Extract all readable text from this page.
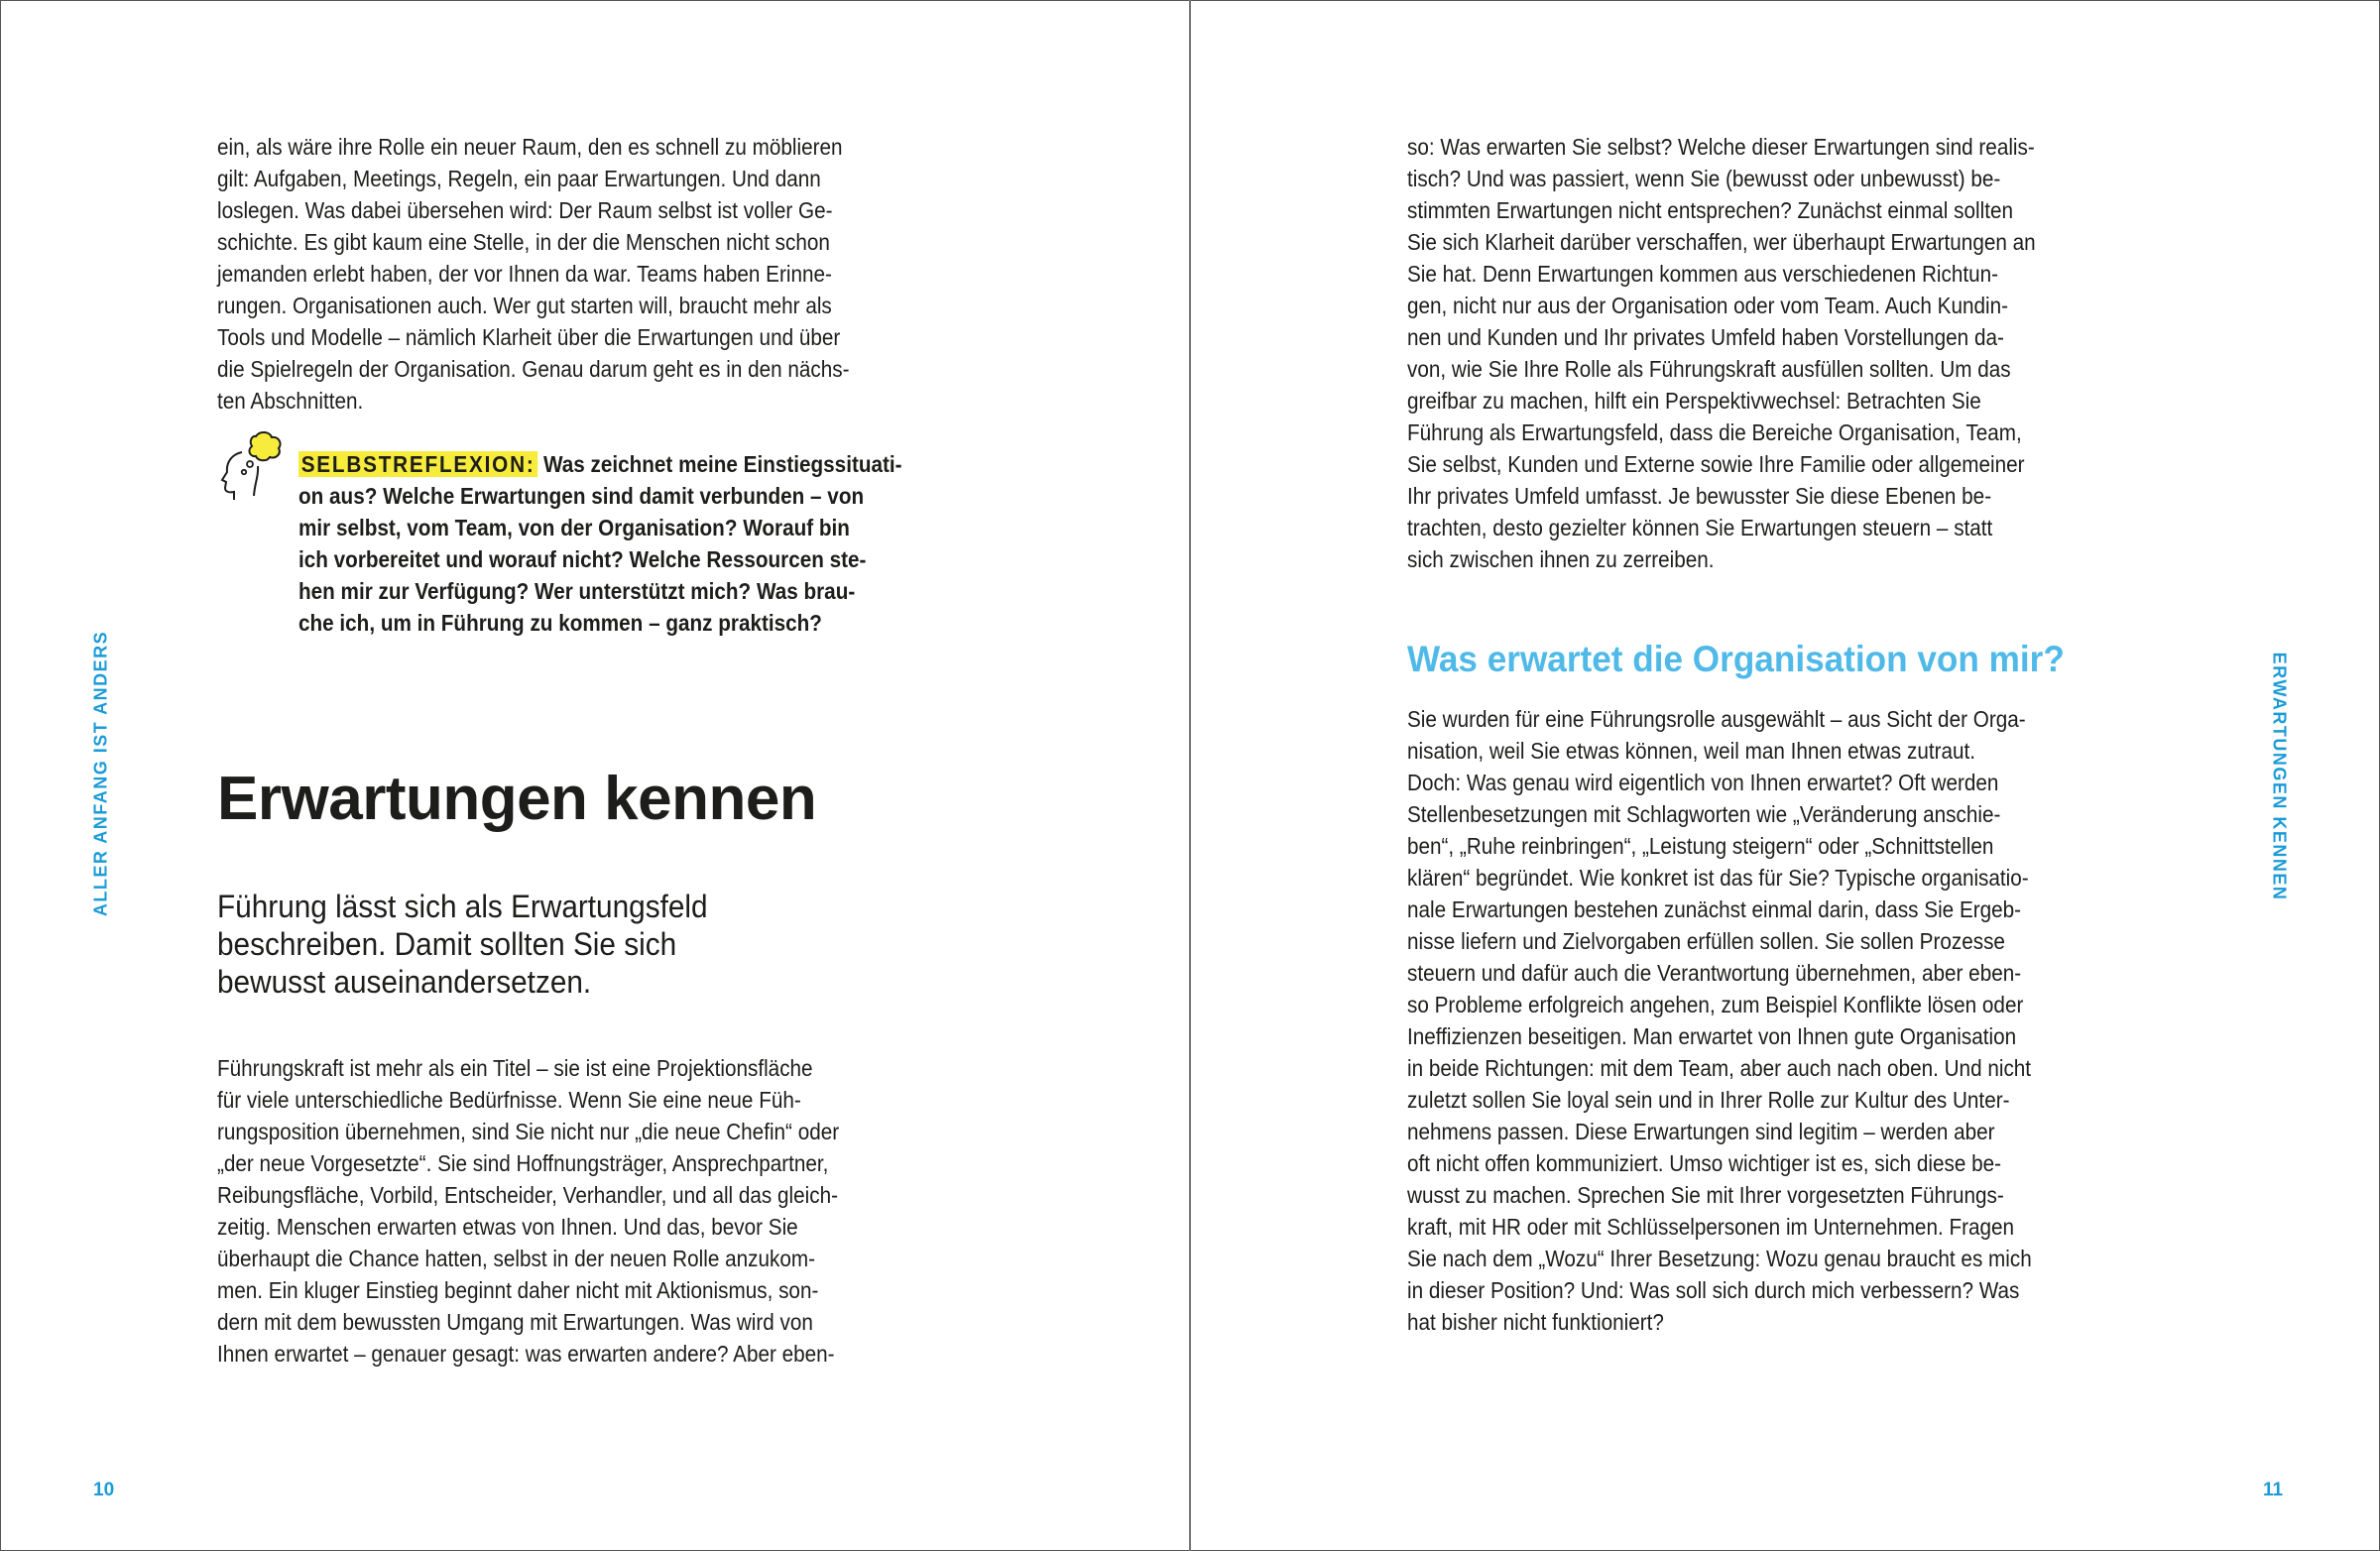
ein, als wäre ihre Rolle ein neuer Raum, den es schnell zu möblieren
gilt: Aufgaben, Meetings, Regeln, ein paar Erwartungen. Und dann
loslegen. Was dabei übersehen wird: Der Raum selbst ist voller Ge-
schichte. Es gibt kaum eine Stelle, in der die Menschen nicht schon
jemanden erlebt haben, der vor Ihnen da war. Teams haben Erinne-
rungen. Organisationen auch. Wer gut starten will, braucht mehr als
Tools und Modelle – nämlich Klarheit über die Erwartungen und über
die Spielregeln der Organisation. Genau darum geht es in den nächs-
ten Abschnitten.
SELBSTREFLEXION: Was zeichnet meine Einstiegssituati-
on aus? Welche Erwartungen sind damit verbunden – von
mir selbst, vom Team, von der Organisation? Worauf bin
ich vorbereitet und worauf nicht? Welche Ressourcen ste-
hen mir zur Verfügung? Wer unterstützt mich? Was brau-
che ich, um in Führung zu kommen – ganz praktisch?
Erwartungen kennen
Führung lässt sich als Erwartungsfeld
beschreiben. Damit sollten Sie sich
bewusst auseinandersetzen.
Führungskraft ist mehr als ein Titel – sie ist eine Projektionsfläche
für viele unterschiedliche Bedürfnisse. Wenn Sie eine neue Füh-
rungsposition übernehmen, sind Sie nicht nur „die neue Chefin“ oder
„der neue Vorgesetzte“. Sie sind Hoffnungsträger, Ansprechpartner,
Reibungsfläche, Vorbild, Entscheider, Verhandler, und all das gleich-
zeitig. Menschen erwarten etwas von Ihnen. Und das, bevor Sie
überhaupt die Chance hatten, selbst in der neuen Rolle anzukom-
men. Ein kluger Einstieg beginnt daher nicht mit Aktionismus, son-
dern mit dem bewussten Umgang mit Erwartungen. Was wird von
Ihnen erwartet – genauer gesagt: was erwarten andere? Aber eben-
ALLER ANFANG IST ANDERS
10
so: Was erwarten Sie selbst? Welche dieser Erwartungen sind realis-
tisch? Und was passiert, wenn Sie (bewusst oder unbewusst) be-
stimmten Erwartungen nicht entsprechen? Zunächst einmal sollten
Sie sich Klarheit darüber verschaffen, wer überhaupt Erwartungen an
Sie hat. Denn Erwartungen kommen aus verschiedenen Richtun-
gen, nicht nur aus der Organisation oder vom Team. Auch Kundin-
nen und Kunden und Ihr privates Umfeld haben Vorstellungen da-
von, wie Sie Ihre Rolle als Führungskraft ausfüllen sollten. Um das
greifbar zu machen, hilft ein Perspektivwechsel: Betrachten Sie
Führung als Erwartungsfeld, dass die Bereiche Organisation, Team,
Sie selbst, Kunden und Externe sowie Ihre Familie oder allgemeiner
Ihr privates Umfeld umfasst. Je bewusster Sie diese Ebenen be-
trachten, desto gezielter können Sie Erwartungen steuern – statt
sich zwischen ihnen zu zerreiben.
Was erwartet die Organisation von mir?
Sie wurden für eine Führungsrolle ausgewählt – aus Sicht der Orga-
nisation, weil Sie etwas können, weil man Ihnen etwas zutraut.
Doch: Was genau wird eigentlich von Ihnen erwartet? Oft werden
Stellenbesetzungen mit Schlagworten wie „Veränderung anschie-
ben“, „Ruhe reinbringen“, „Leistung steigern“ oder „Schnittstellen
klären“ begründet. Wie konkret ist das für Sie? Typische organisatio-
nale Erwartungen bestehen zunächst einmal darin, dass Sie Ergeb-
nisse liefern und Zielvorgaben erfüllen sollen. Sie sollen Prozesse
steuern und dafür auch die Verantwortung übernehmen, aber eben-
so Probleme erfolgreich angehen, zum Beispiel Konflikte lösen oder
Ineffizienzen beseitigen. Man erwartet von Ihnen gute Organisation
in beide Richtungen: mit dem Team, aber auch nach oben. Und nicht
zuletzt sollen Sie loyal sein und in Ihrer Rolle zur Kultur des Unter-
nehmens passen. Diese Erwartungen sind legitim – werden aber
oft nicht offen kommuniziert. Umso wichtiger ist es, sich diese be-
wusst zu machen. Sprechen Sie mit Ihrer vorgesetzten Führungs-
kraft, mit HR oder mit Schlüsselpersonen im Unternehmen. Fragen
Sie nach dem „Wozu“ Ihrer Besetzung: Wozu genau braucht es mich
in dieser Position? Und: Was soll sich durch mich verbessern? Was
hat bisher nicht funktioniert?
ERWARTUNGEN KENNEN
11
